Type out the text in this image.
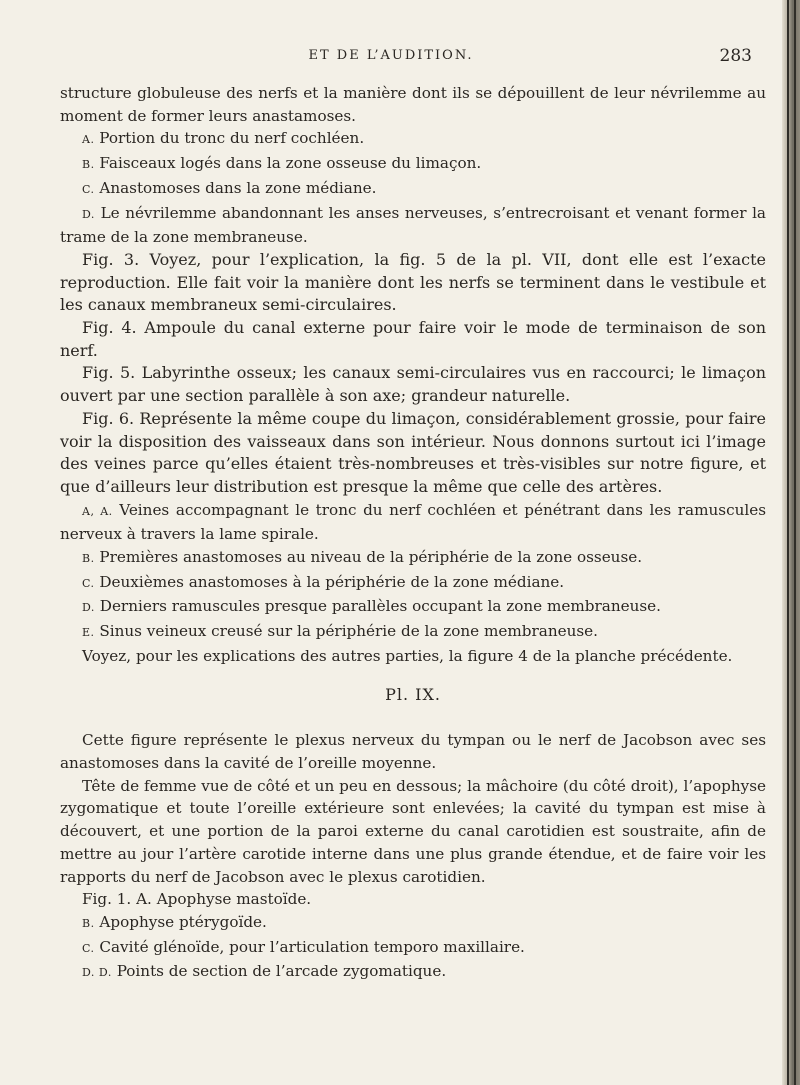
ET DE L’AUDITION.	283

structure globuleuse des nerfs et la manière dont ils se dépouillent de leur névrilemme au moment de former leurs anastamoses.

A. Portion du tronc du nerf cochléen.

B. Faisceaux logés dans la zone osseuse du limaçon.

C. Anastomoses dans la zone médiane.

D. Le névrilemme abandonnant les anses nerveuses, s’entrecroisant et venant former la trame de la zone membraneuse.

Fig. 3. Voyez, pour l’explication, la fig. 5 de la pl. VII, dont elle est l’exacte reproduction. Elle fait voir la manière dont les nerfs se terminent dans le vestibule et les canaux membraneux semi-circulaires.

Fig. 4. Ampoule du canal externe pour faire voir le mode de terminaison de son nerf.

Fig. 5. Labyrinthe osseux; les canaux semi-circulaires vus en raccourci; le limaçon ouvert par une section parallèle à son axe; grandeur naturelle.

Fig. 6. Représente la même coupe du limaçon, considérablement grossie, pour faire voir la disposition des vaisseaux dans son intérieur. Nous donnons surtout ici l’image des veines parce qu’elles étaient très-nombreuses et très-visibles sur notre figure, et que d’ailleurs leur distribution est presque la même que celle des artères.

A, A. Veines accompagnant le tronc du nerf cochléen et pénétrant dans les ramuscules nerveux à travers la lame spirale.

B. Premières anastomoses au niveau de la périphérie de la zone osseuse.

C. Deuxièmes anastomoses à la périphérie de la zone médiane.

D. Derniers ramuscules presque parallèles occupant la zone membraneuse.

E. Sinus veineux creusé sur la périphérie de la zone membraneuse.

Voyez, pour les explications des autres parties, la figure 4 de la planche précédente.

Pl. IX.

Cette figure représente le plexus nerveux du tympan ou le nerf de Jacobson avec ses anastomoses dans la cavité de l’oreille moyenne.

Tête de femme vue de côté et un peu en dessous; la mâchoire (du côté droit), l’apophyse zygomatique et toute l’oreille extérieure sont enlevées; la cavité du tympan est mise à découvert, et une portion de la paroi externe du canal carotidien est soustraite, afin de mettre au jour l’artère carotide interne dans une plus grande étendue, et de faire voir les rapports du nerf de Jacobson avec le plexus carotidien.

Fig. 1. A. Apophyse mastoïde.

B. Apophyse ptérygoïde.

C. Cavité glénoïde, pour l’articulation temporo maxillaire.

D. D. Points de section de l’arcade zygomatique.
